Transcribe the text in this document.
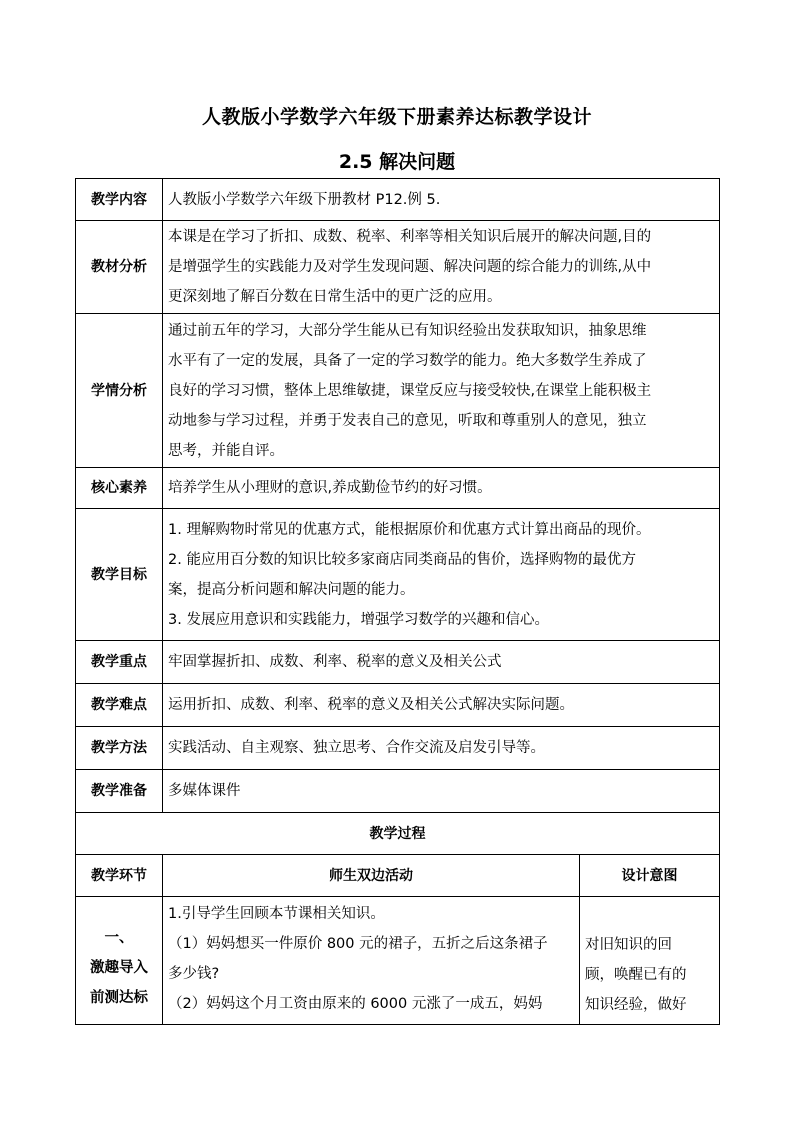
人教版小学数学六年级下册素养达标教学设计
2.5 解决问题
教学内容	人教版小学数学六年级下册教材 P12.例 5.	

教材分析	本课是在学习了折扣、成数、税率、利率等相关知识后展开的解决问题,目的
是增强学生的实践能力及对学生发现问题、解决问题的综合能力的训练,从中
更深刻地了解百分数在日常生活中的更广泛的应用。	

学情分析	通过前五年的学习，大部分学生能从已有知识经验出发获取知识，抽象思维
水平有了一定的发展，具备了一定的学习数学的能力。绝大多数学生养成了
良好的学习习惯，整体上思维敏捷，课堂反应与接受较快,在课堂上能积极主
动地参与学习过程，并勇于发表自己的意见，听取和尊重别人的意见，独立
思考，并能自评。	

核心素养	培养学生从小理财的意识,养成勤俭节约的好习惯。	

教学目标	1. 理解购物时常见的优惠方式，能根据原价和优惠方式计算出商品的现价。
2. 能应用百分数的知识比较多家商店同类商品的售价，选择购物的最优方
案，提高分析问题和解决问题的能力。
3. 发展应用意识和实践能力，增强学习数学的兴趣和信心。	

教学重点	牢固掌握折扣、成数、利率、税率的意义及相关公式	

教学难点	运用折扣、成数、利率、税率的意义及相关公式解决实际问题。	

教学方法	实践活动、自主观察、独立思考、合作交流及启发引导等。	

教学准备	多媒体课件	

教学过程		
教学环节	师生双边活动	设计意图

一、
激趣导入
前测达标	1.引导学生回顾本节课相关知识。
（1）妈妈想买一件原价 800 元的裙子，五折之后这条裙子
多少钱?
（2）妈妈这个月工资由原来的 6000 元涨了一成五，妈妈	对旧知识的回
顾，唤醒已有的
知识经验，做好
